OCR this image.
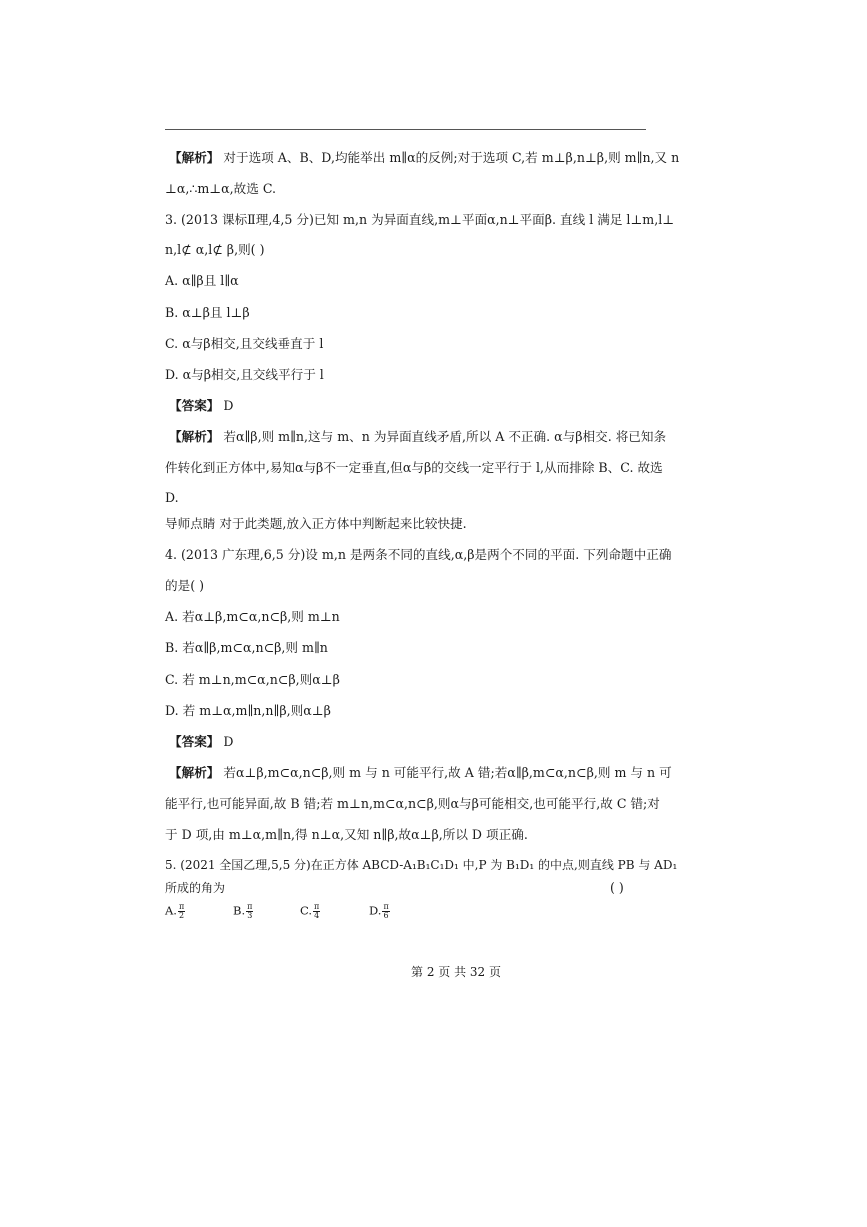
【解析】 对于选项 A、B、D,均能举出 m∥α的反例;对于选项 C,若 m⊥β,n⊥β,则 m∥n,又 n
⊥α,∴m⊥α,故选 C.
3. (2013 课标Ⅱ理,4,5 分)已知 m,n 为异面直线,m⊥平面α,n⊥平面β. 直线 l 满足 l⊥m,l⊥
n,l⊄ α,l⊄ β,则( )
A. α∥β且 l∥α
B. α⊥β且 l⊥β
C. α与β相交,且交线垂直于 l
D. α与β相交,且交线平行于 l
【答案】 D
【解析】 若α∥β,则 m∥n,这与 m、n 为异面直线矛盾,所以 A 不正确. α与β相交. 将已知条
件转化到正方体中,易知α与β不一定垂直,但α与β的交线一定平行于 l,从而排除 B、C. 故选
D.
导师点睛 对于此类题,放入正方体中判断起来比较快捷.
4. (2013 广东理,6,5 分)设 m,n 是两条不同的直线,α,β是两个不同的平面. 下列命题中正确
的是( )
A. 若α⊥β,m⊂α,n⊂β,则 m⊥n
B. 若α∥β,m⊂α,n⊂β,则 m∥n
C. 若 m⊥n,m⊂α,n⊂β,则α⊥β
D. 若 m⊥α,m∥n,n∥β,则α⊥β
【答案】 D
【解析】 若α⊥β,m⊂α,n⊂β,则 m 与 n 可能平行,故 A 错;若α∥β,m⊂α,n⊂β,则 m 与 n 可
能平行,也可能异面,故 B 错;若 m⊥n,m⊂α,n⊂β,则α与β可能相交,也可能平行,故 C 错;对
于 D 项,由 m⊥α,m∥n,得 n⊥α,又知 n∥β,故α⊥β,所以 D 项正确.
5. (2021 全国乙理,5,5 分)在正方体 ABCD-A₁B₁C₁D₁ 中,P 为 B₁D₁ 的中点,则直线 PB 与 AD₁
所成的角为	( )
A. $\frac{\pi}{2}$	B. $\frac{\pi}{3}$	C. $\frac{\pi}{4}$	D. $\frac{\pi}{6}$
第 2 页 共 32 页
